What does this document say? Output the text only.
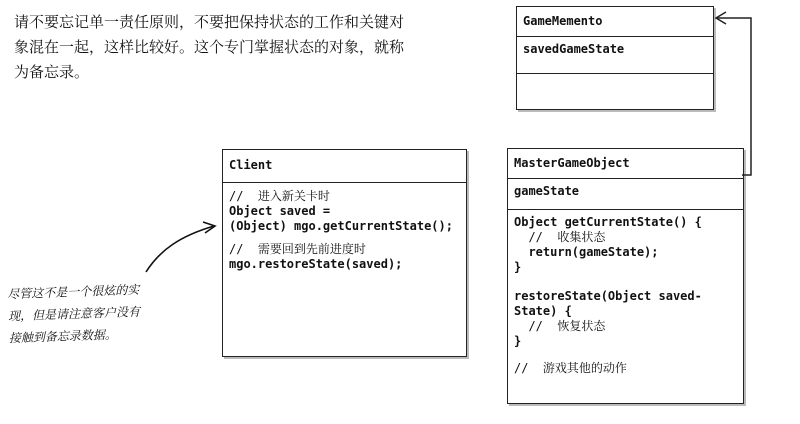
请不要忘记单一责任原则，不要把保持状态的工作和关键对象混在一起，这样比较好。这个专门掌握状态的对象，就称为备忘录。

GameMemento
savedGameState
Client
//  进入新关卡时
Object saved =
(Object) mgo.getCurrentState();
//  需要回到先前进度时
mgo.restoreState(saved);
MasterGameObject
gameState
Object getCurrentState() {
//  收集状态
return(gameState);
}
restoreState(Object saved-
State) {
//  恢复状态
}
//  游戏其他的动作
尽管这不是一个很炫的实
现，但是请注意客户没有
接触到备忘录数据。
